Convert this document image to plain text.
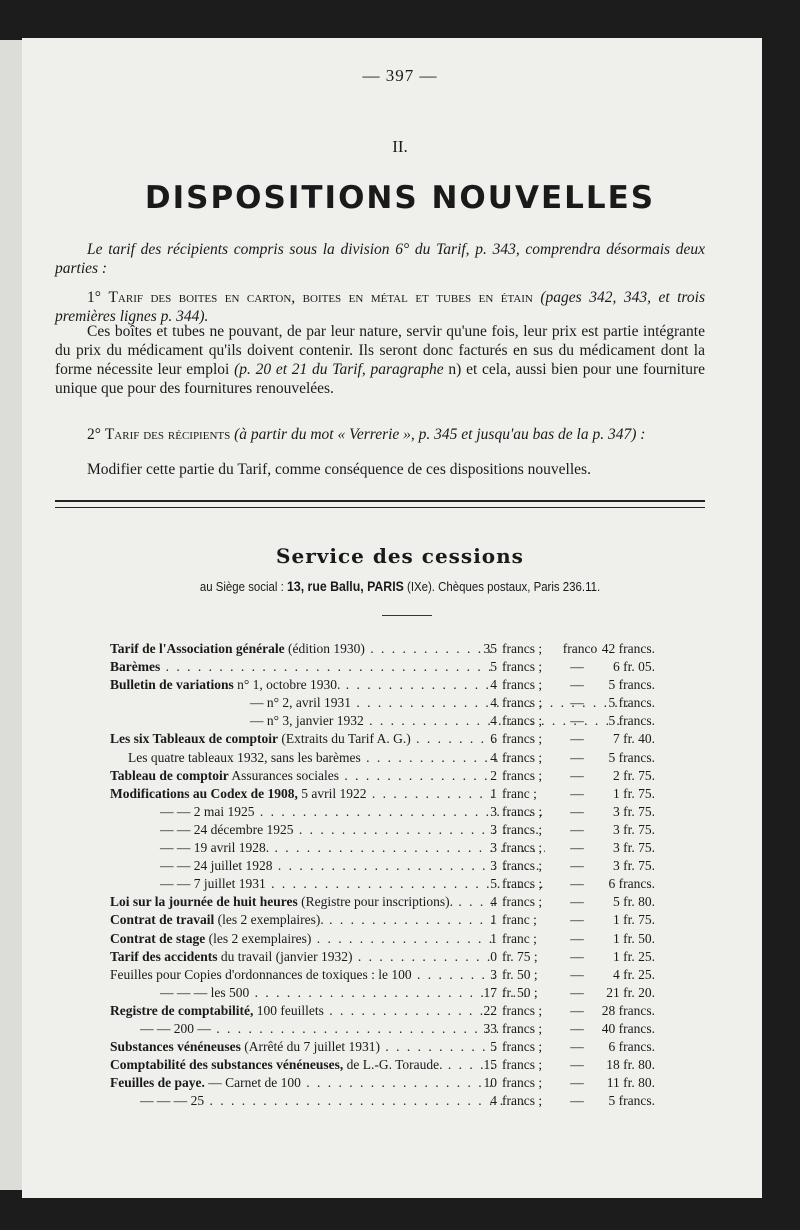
— 397 —
II.
DISPOSITIONS NOUVELLES
Le tarif des récipients compris sous la division 6° du Tarif, p. 343, comprendra désormais deux parties :
1° Tarif des boites en carton, boites en métal et tubes en étain (pages 342, 343, et trois premières lignes p. 344).
Ces boîtes et tubes ne pouvant, de par leur nature, servir qu'une fois, leur prix est partie intégrante du prix du médicament qu'ils doivent contenir. Ils seront donc facturés en sus du médicament dont la forme nécessite leur emploi (p. 20 et 21 du Tarif, paragraphe n) et cela, aussi bien pour une fourniture unique que pour des fournitures renouvelées.
2° Tarif des récipients (à partir du mot « Verrerie », p. 345 et jusqu'au bas de la p. 347) :
Modifier cette partie du Tarif, comme conséquence de ces dispositions nouvelles.
Service des cessions
au Siège social : 13, rue Ballu, PARIS (IXe). Chèques postaux, Paris 236.11.
Tarif de l'Association générale (édition 1930) . . .	35 francs ;	franco 42 francs.
Barèmes . . .	5 francs ;	—	6 fr. 05.
Bulletin de variations n° 1, octobre 1930. . . .	4 francs ;	—	5 francs.
— n° 2, avril 1931 . . .	4 francs ;	—	5 francs.
— n° 3, janvier 1932 . . .	4 francs ;	—	5 francs.
Les six Tableaux de comptoir (Extraits du Tarif A. G.) . . .	6 francs ;	—	7 fr. 40.
Les quatre tableaux 1932, sans les barèmes . . .	4 francs ;	—	5 francs.
Tableau de comptoir Assurances sociales . . .	2 francs ;	—	2 fr. 75.
Modifications au Codex de 1908, 5 avril 1922 . . .	1 franc ;	—	1 fr. 75.
— — 2 mai 1925 . . .	3 francs ;	—	3 fr. 75.
— — 24 décembre 1925 . . .	3 francs ;	—	3 fr. 75.
— — 19 avril 1928. . . .	3 francs ;	—	3 fr. 75.
— — 24 juillet 1928 . . .	3 francs ;	—	3 fr. 75.
— — 7 juillet 1931 . . .	5 francs ;	—	6 francs.
Loi sur la journée de huit heures (Registre pour inscriptions). . . .	4 francs ;	—	5 fr. 80.
Contrat de travail (les 2 exemplaires). . . .	1 franc ;	—	1 fr. 75.
Contrat de stage (les 2 exemplaires) . . .	1 franc ;	—	1 fr. 50.
Tarif des accidents du travail (janvier 1932) . . .	0 fr. 75 ;	—	1 fr. 25.
Feuilles pour Copies d'ordonnances de toxiques : le 100 . . .	3 fr. 50 ;	—	4 fr. 25.
— — — les 500 . . .	17 fr. 50 ;	—	21 fr. 20.
Registre de comptabilité, 100 feuillets . . .	22 francs ;	—	28 francs.
— — 200 — . . .	33 francs ;	—	40 francs.
Substances vénéneuses (Arrêté du 7 juillet 1931) . . .	5 francs ;	—	6 francs.
Comptabilité des substances vénéneuses, de L.-G. Toraude. . . .	15 francs ;	—	18 fr. 80.
Feuilles de paye. — Carnet de 100 . . .	10 francs ;	—	11 fr. 80.
— — — 25 . . .	4 francs ;	—	5 francs.
